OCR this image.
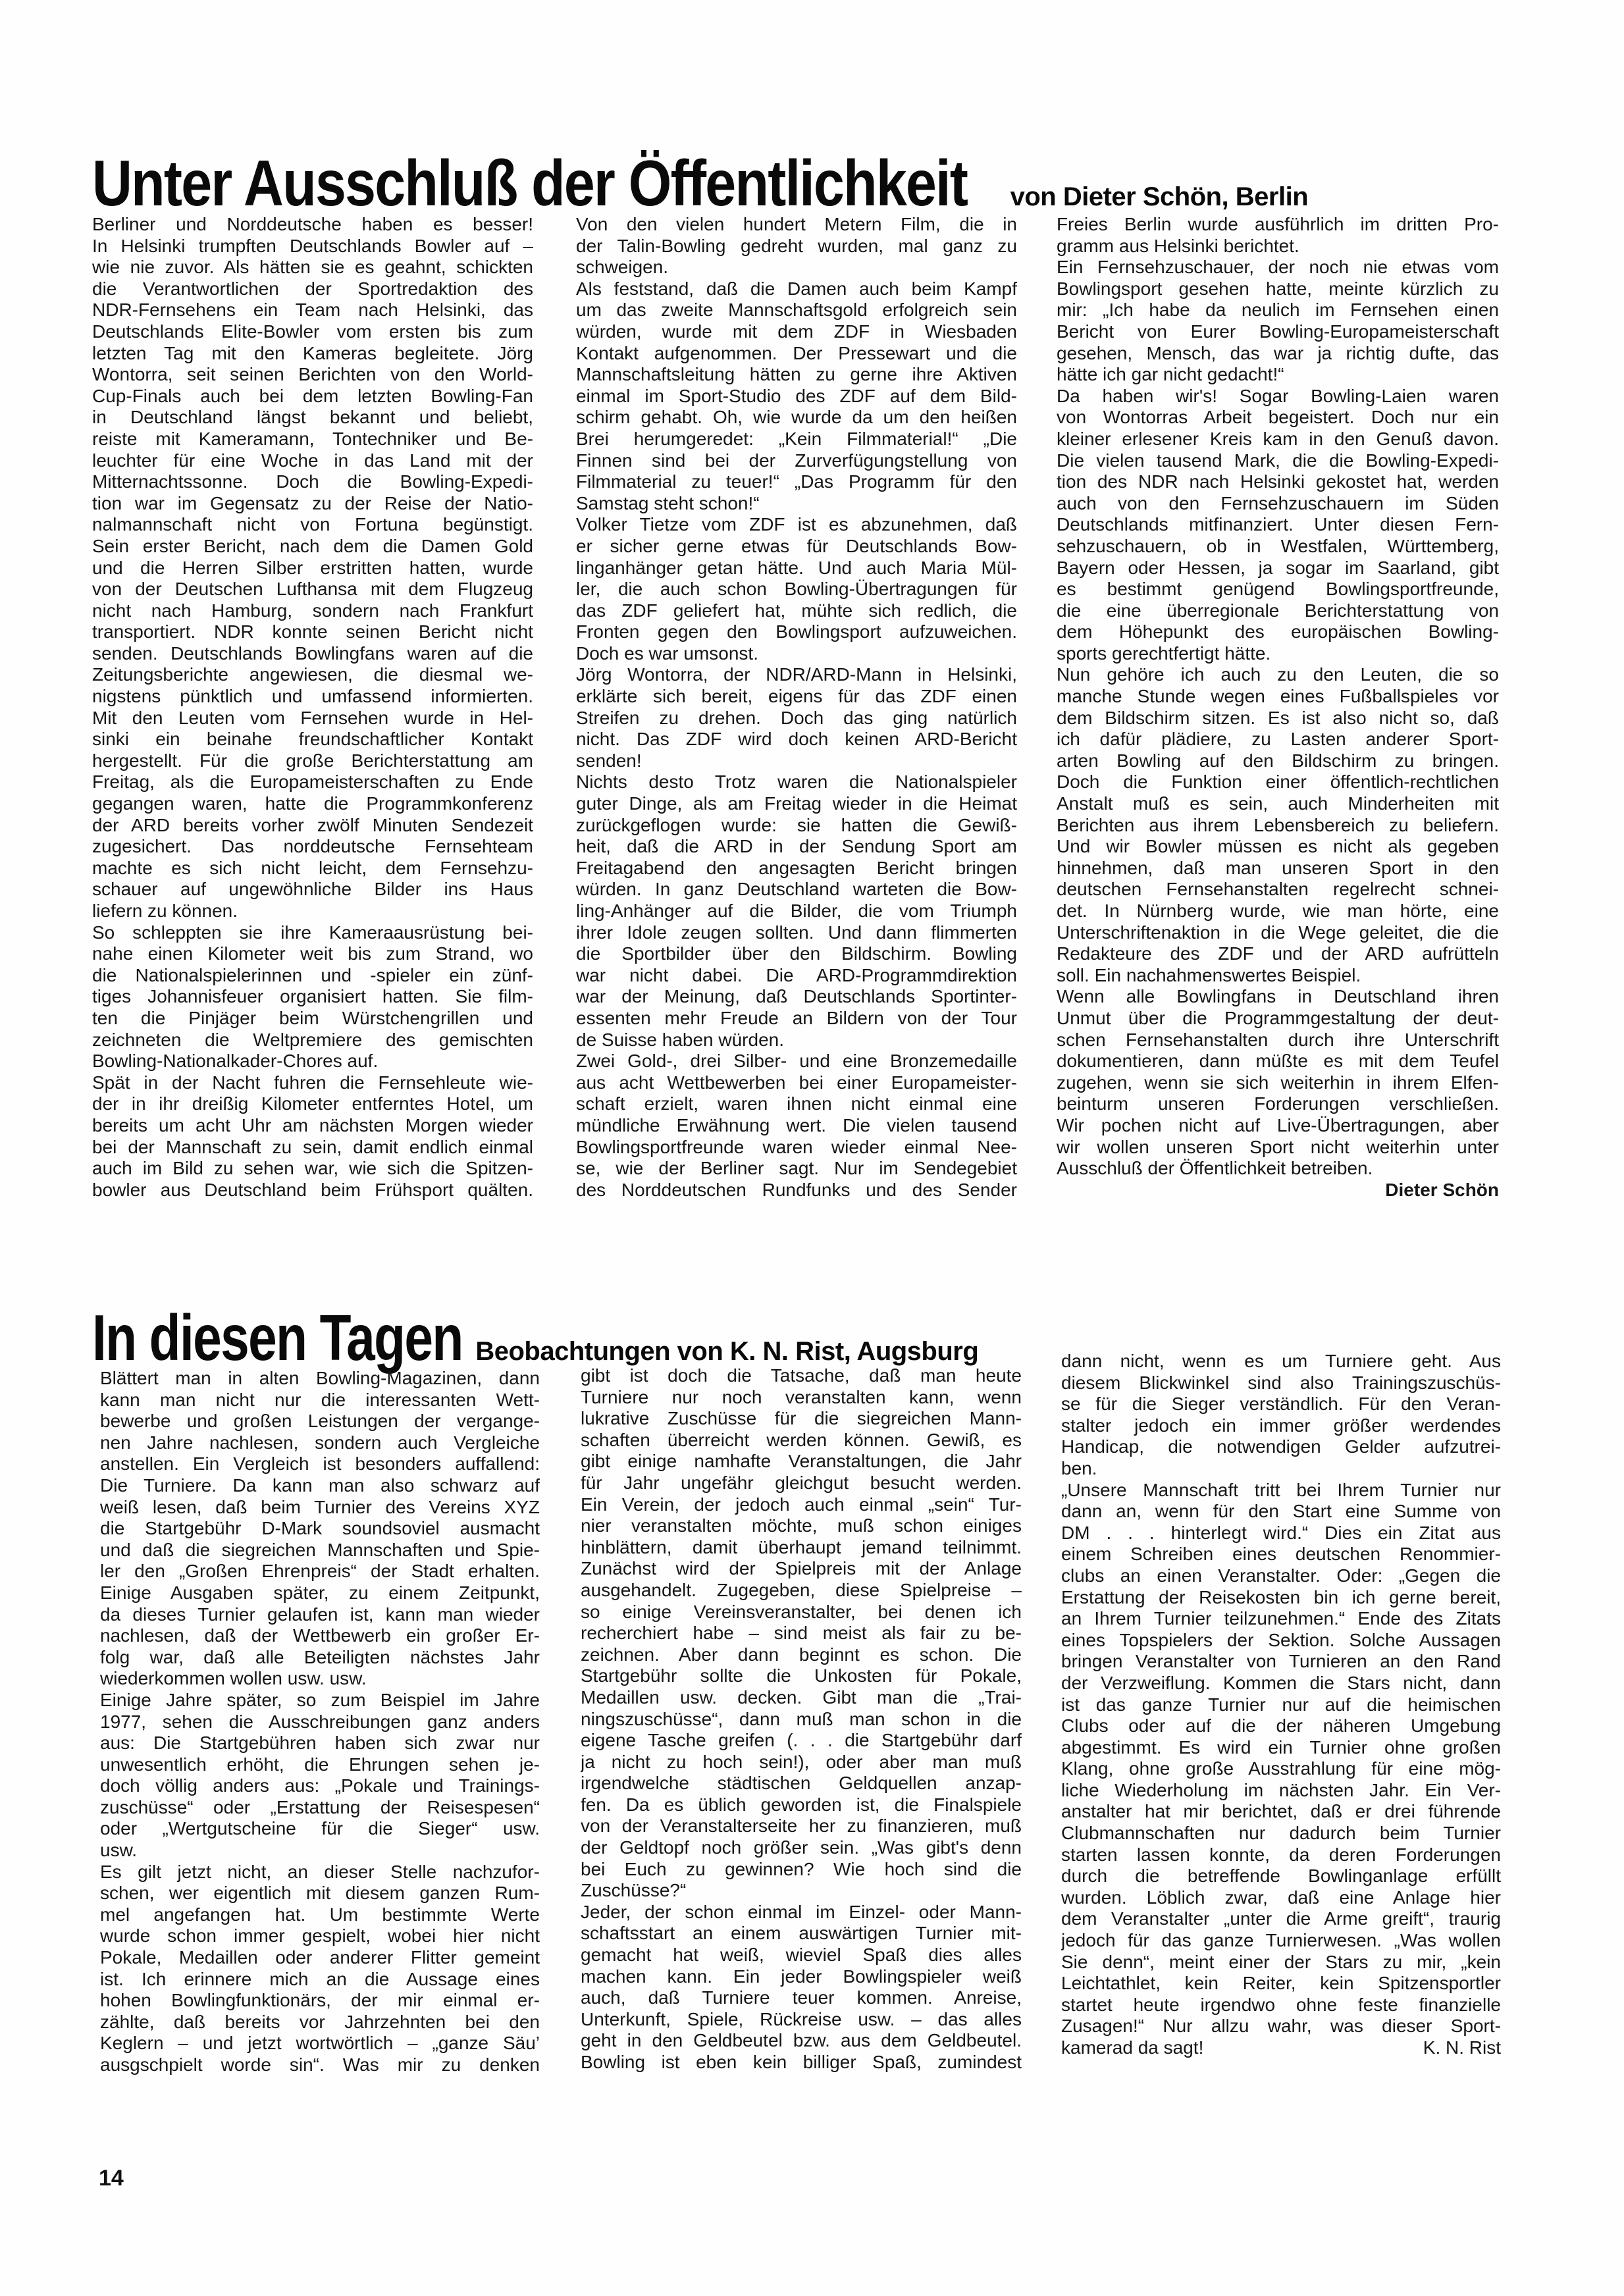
Unter Ausschluß der Öffentlichkeit von Dieter Schön, Berlin
Berliner und Norddeutsche haben es besser!
In Helsinki trumpften Deutschlands Bowler auf –
wie nie zuvor. Als hätten sie es geahnt, schickten
die Verantwortlichen der Sportredaktion des
NDR-Fernsehens ein Team nach Helsinki, das
Deutschlands Elite-Bowler vom ersten bis zum
letzten Tag mit den Kameras begleitete. Jörg
Wontorra, seit seinen Berichten von den World-
Cup-Finals auch bei dem letzten Bowling-Fan
in Deutschland längst bekannt und beliebt,
reiste mit Kameramann, Tontechniker und Be-
leuchter für eine Woche in das Land mit der
Mitternachtssonne. Doch die Bowling-Expedi-
tion war im Gegensatz zu der Reise der Natio-
nalmannschaft nicht von Fortuna begünstigt.
Sein erster Bericht, nach dem die Damen Gold
und die Herren Silber erstritten hatten, wurde
von der Deutschen Lufthansa mit dem Flugzeug
nicht nach Hamburg, sondern nach Frankfurt
transportiert. NDR konnte seinen Bericht nicht
senden. Deutschlands Bowlingfans waren auf die
Zeitungsberichte angewiesen, die diesmal we-
nigstens pünktlich und umfassend informierten.
Mit den Leuten vom Fernsehen wurde in Hel-
sinki ein beinahe freundschaftlicher Kontakt
hergestellt. Für die große Berichterstattung am
Freitag, als die Europameisterschaften zu Ende
gegangen waren, hatte die Programmkonferenz
der ARD bereits vorher zwölf Minuten Sendezeit
zugesichert. Das norddeutsche Fernsehteam
machte es sich nicht leicht, dem Fernsehzu-
schauer auf ungewöhnliche Bilder ins Haus
liefern zu können.
So schleppten sie ihre Kameraausrüstung bei-
nahe einen Kilometer weit bis zum Strand, wo
die Nationalspielerinnen und -spieler ein zünf-
tiges Johannisfeuer organisiert hatten. Sie film-
ten die Pinjäger beim Würstchengrillen und
zeichneten die Weltpremiere des gemischten
Bowling-Nationalkader-Chores auf.
Spät in der Nacht fuhren die Fernsehleute wie-
der in ihr dreißig Kilometer entferntes Hotel, um
bereits um acht Uhr am nächsten Morgen wieder
bei der Mannschaft zu sein, damit endlich einmal
auch im Bild zu sehen war, wie sich die Spitzen-
bowler aus Deutschland beim Frühsport quälten.
Von den vielen hundert Metern Film, die in
der Talin-Bowling gedreht wurden, mal ganz zu
schweigen.
Als feststand, daß die Damen auch beim Kampf
um das zweite Mannschaftsgold erfolgreich sein
würden, wurde mit dem ZDF in Wiesbaden
Kontakt aufgenommen. Der Pressewart und die
Mannschaftsleitung hätten zu gerne ihre Aktiven
einmal im Sport-Studio des ZDF auf dem Bild-
schirm gehabt. Oh, wie wurde da um den heißen
Brei herumgeredet: „Kein Filmmaterial!“ „Die
Finnen sind bei der Zurverfügungstellung von
Filmmaterial zu teuer!“ „Das Programm für den
Samstag steht schon!“
Volker Tietze vom ZDF ist es abzunehmen, daß
er sicher gerne etwas für Deutschlands Bow-
linganhänger getan hätte. Und auch Maria Mül-
ler, die auch schon Bowling-Übertragungen für
das ZDF geliefert hat, mühte sich redlich, die
Fronten gegen den Bowlingsport aufzuweichen.
Doch es war umsonst.
Jörg Wontorra, der NDR/ARD-Mann in Helsinki,
erklärte sich bereit, eigens für das ZDF einen
Streifen zu drehen. Doch das ging natürlich
nicht. Das ZDF wird doch keinen ARD-Bericht
senden!
Nichts desto Trotz waren die Nationalspieler
guter Dinge, als am Freitag wieder in die Heimat
zurückgeflogen wurde: sie hatten die Gewiß-
heit, daß die ARD in der Sendung Sport am
Freitagabend den angesagten Bericht bringen
würden. In ganz Deutschland warteten die Bow-
ling-Anhänger auf die Bilder, die vom Triumph
ihrer Idole zeugen sollten. Und dann flimmerten
die Sportbilder über den Bildschirm. Bowling
war nicht dabei. Die ARD-Programmdirektion
war der Meinung, daß Deutschlands Sportinter-
essenten mehr Freude an Bildern von der Tour
de Suisse haben würden.
Zwei Gold-, drei Silber- und eine Bronzemedaille
aus acht Wettbewerben bei einer Europameister-
schaft erzielt, waren ihnen nicht einmal eine
mündliche Erwähnung wert. Die vielen tausend
Bowlingsportfreunde waren wieder einmal Nee-
se, wie der Berliner sagt. Nur im Sendegebiet
des Norddeutschen Rundfunks und des Sender
Freies Berlin wurde ausführlich im dritten Pro-
gramm aus Helsinki berichtet.
Ein Fernsehzuschauer, der noch nie etwas vom
Bowlingsport gesehen hatte, meinte kürzlich zu
mir: „Ich habe da neulich im Fernsehen einen
Bericht von Eurer Bowling-Europameisterschaft
gesehen, Mensch, das war ja richtig dufte, das
hätte ich gar nicht gedacht!“
Da haben wir's! Sogar Bowling-Laien waren
von Wontorras Arbeit begeistert. Doch nur ein
kleiner erlesener Kreis kam in den Genuß davon.
Die vielen tausend Mark, die die Bowling-Expedi-
tion des NDR nach Helsinki gekostet hat, werden
auch von den Fernsehzuschauern im Süden
Deutschlands mitfinanziert. Unter diesen Fern-
sehzuschauern, ob in Westfalen, Württemberg,
Bayern oder Hessen, ja sogar im Saarland, gibt
es bestimmt genügend Bowlingsportfreunde,
die eine überregionale Berichterstattung von
dem Höhepunkt des europäischen Bowling-
sports gerechtfertigt hätte.
Nun gehöre ich auch zu den Leuten, die so
manche Stunde wegen eines Fußballspieles vor
dem Bildschirm sitzen. Es ist also nicht so, daß
ich dafür plädiere, zu Lasten anderer Sport-
arten Bowling auf den Bildschirm zu bringen.
Doch die Funktion einer öffentlich-rechtlichen
Anstalt muß es sein, auch Minderheiten mit
Berichten aus ihrem Lebensbereich zu beliefern.
Und wir Bowler müssen es nicht als gegeben
hinnehmen, daß man unseren Sport in den
deutschen Fernsehanstalten regelrecht schnei-
det. In Nürnberg wurde, wie man hörte, eine
Unterschriftenaktion in die Wege geleitet, die die
Redakteure des ZDF und der ARD aufrütteln
soll. Ein nachahmenswertes Beispiel.
Wenn alle Bowlingfans in Deutschland ihren
Unmut über die Programmgestaltung der deut-
schen Fernsehanstalten durch ihre Unterschrift
dokumentieren, dann müßte es mit dem Teufel
zugehen, wenn sie sich weiterhin in ihrem Elfen-
beinturm unseren Forderungen verschließen.
Wir pochen nicht auf Live-Übertragungen, aber
wir wollen unseren Sport nicht weiterhin unter
Ausschluß der Öffentlichkeit betreiben.
Dieter Schön
In diesen Tagen Beobachtungen von K. N. Rist, Augsburg
Blättert man in alten Bowling-Magazinen, dann
kann man nicht nur die interessanten Wett-
bewerbe und großen Leistungen der vergange-
nen Jahre nachlesen, sondern auch Vergleiche
anstellen. Ein Vergleich ist besonders auffallend:
Die Turniere. Da kann man also schwarz auf
weiß lesen, daß beim Turnier des Vereins XYZ
die Startgebühr D-Mark soundsoviel ausmacht
und daß die siegreichen Mannschaften und Spie-
ler den „Großen Ehrenpreis“ der Stadt erhalten.
Einige Ausgaben später, zu einem Zeitpunkt,
da dieses Turnier gelaufen ist, kann man wieder
nachlesen, daß der Wettbewerb ein großer Er-
folg war, daß alle Beteiligten nächstes Jahr
wiederkommen wollen usw. usw.
Einige Jahre später, so zum Beispiel im Jahre
1977, sehen die Ausschreibungen ganz anders
aus: Die Startgebühren haben sich zwar nur
unwesentlich erhöht, die Ehrungen sehen je-
doch völlig anders aus: „Pokale und Trainings-
zuschüsse“ oder „Erstattung der Reisespesen“
oder „Wertgutscheine für die Sieger“ usw.
usw.
Es gilt jetzt nicht, an dieser Stelle nachzufor-
schen, wer eigentlich mit diesem ganzen Rum-
mel angefangen hat. Um bestimmte Werte
wurde schon immer gespielt, wobei hier nicht
Pokale, Medaillen oder anderer Flitter gemeint
ist. Ich erinnere mich an die Aussage eines
hohen Bowlingfunktionärs, der mir einmal er-
zählte, daß bereits vor Jahrzehnten bei den
Keglern – und jetzt wortwörtlich – „ganze Säu’
ausgschpielt worde sin“. Was mir zu denken
gibt ist doch die Tatsache, daß man heute
Turniere nur noch veranstalten kann, wenn
lukrative Zuschüsse für die siegreichen Mann-
schaften überreicht werden können. Gewiß, es
gibt einige namhafte Veranstaltungen, die Jahr
für Jahr ungefähr gleichgut besucht werden.
Ein Verein, der jedoch auch einmal „sein“ Tur-
nier veranstalten möchte, muß schon einiges
hinblättern, damit überhaupt jemand teilnimmt.
Zunächst wird der Spielpreis mit der Anlage
ausgehandelt. Zugegeben, diese Spielpreise –
so einige Vereinsveranstalter, bei denen ich
recherchiert habe – sind meist als fair zu be-
zeichnen. Aber dann beginnt es schon. Die
Startgebühr sollte die Unkosten für Pokale,
Medaillen usw. decken. Gibt man die „Trai-
ningszuschüsse“, dann muß man schon in die
eigene Tasche greifen (. . . die Startgebühr darf
ja nicht zu hoch sein!), oder aber man muß
irgendwelche städtischen Geldquellen anzap-
fen. Da es üblich geworden ist, die Finalspiele
von der Veranstalterseite her zu finanzieren, muß
der Geldtopf noch größer sein. „Was gibt's denn
bei Euch zu gewinnen? Wie hoch sind die
Zuschüsse?“
Jeder, der schon einmal im Einzel- oder Mann-
schaftsstart an einem auswärtigen Turnier mit-
gemacht hat weiß, wieviel Spaß dies alles
machen kann. Ein jeder Bowlingspieler weiß
auch, daß Turniere teuer kommen. Anreise,
Unterkunft, Spiele, Rückreise usw. – das alles
geht in den Geldbeutel bzw. aus dem Geldbeutel.
Bowling ist eben kein billiger Spaß, zumindest
dann nicht, wenn es um Turniere geht. Aus
diesem Blickwinkel sind also Trainingszuschüs-
se für die Sieger verständlich. Für den Veran-
stalter jedoch ein immer größer werdendes
Handicap, die notwendigen Gelder aufzutrei-
ben.
„Unsere Mannschaft tritt bei Ihrem Turnier nur
dann an, wenn für den Start eine Summe von
DM . . . hinterlegt wird.“ Dies ein Zitat aus
einem Schreiben eines deutschen Renommier-
clubs an einen Veranstalter. Oder: „Gegen die
Erstattung der Reisekosten bin ich gerne bereit,
an Ihrem Turnier teilzunehmen.“ Ende des Zitats
eines Topspielers der Sektion. Solche Aussagen
bringen Veranstalter von Turnieren an den Rand
der Verzweiflung. Kommen die Stars nicht, dann
ist das ganze Turnier nur auf die heimischen
Clubs oder auf die der näheren Umgebung
abgestimmt. Es wird ein Turnier ohne großen
Klang, ohne große Ausstrahlung für eine mög-
liche Wiederholung im nächsten Jahr. Ein Ver-
anstalter hat mir berichtet, daß er drei führende
Clubmannschaften nur dadurch beim Turnier
starten lassen konnte, da deren Forderungen
durch die betreffende Bowlinganlage erfüllt
wurden. Löblich zwar, daß eine Anlage hier
dem Veranstalter „unter die Arme greift“, traurig
jedoch für das ganze Turnierwesen. „Was wollen
Sie denn“, meint einer der Stars zu mir, „kein
Leichtathlet, kein Reiter, kein Spitzensportler
startet heute irgendwo ohne feste finanzielle
Zusagen!“ Nur allzu wahr, was dieser Sport-
kamerad da sagt!	K. N. Rist
14
